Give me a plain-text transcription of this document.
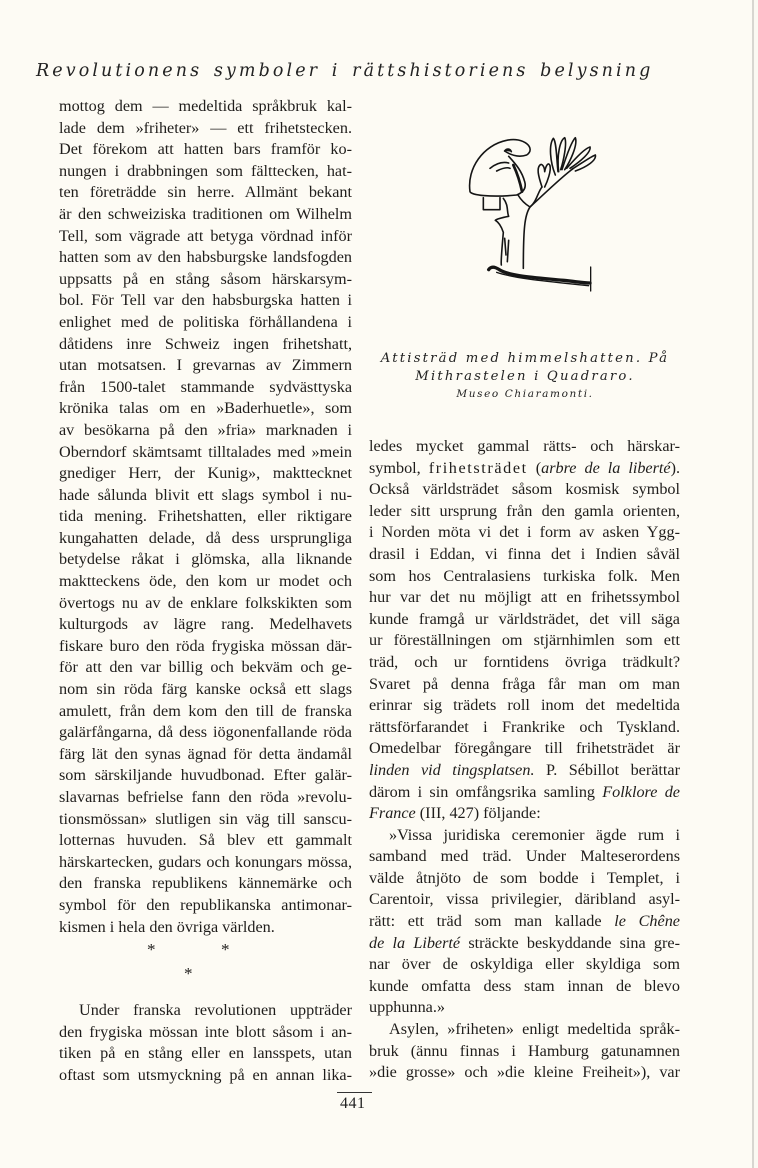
Revolutionens symboler i rättshistoriens belysning
mottog dem — medeltida språkbruk kal-
lade dem »friheter» — ett frihetstecken.
Det förekom att hatten bars framför ko-
nungen i drabbningen som fälttecken, hat-
ten företrädde sin herre. Allmänt bekant
är den schweiziska traditionen om Wilhelm
Tell, som vägrade att betyga vördnad inför
hatten som av den habsburgske landsfogden
uppsatts på en stång såsom härskarsym-
bol. För Tell var den habsburgska hatten i
enlighet med de politiska förhållandena i
dåtidens inre Schweiz ingen frihetshatt,
utan motsatsen. I grevarnas av Zimmern
från 1500-talet stammande sydvästtyska
krönika talas om en »Baderhuetle», som
av besökarna på den »fria» marknaden i
Oberndorf skämtsamt tilltalades med »mein
gnediger Herr, der Kunig», makttecknet
hade sålunda blivit ett slags symbol i nu-
tida mening. Frihetshatten, eller riktigare
kungahatten delade, då dess ursprungliga
betydelse råkat i glömska, alla liknande
maktteckens öde, den kom ur modet och
övertogs nu av de enklare folkskikten som
kulturgods av lägre rang. Medelhavets
fiskare buro den röda frygiska mössan där-
för att den var billig och bekväm och ge-
nom sin röda färg kanske också ett slags
amulett, från dem kom den till de franska
galärfångarna, då dess iögonenfallande röda
färg lät den synas ägnad för detta ändamål
som särskiljande huvudbonad. Efter galär-
slavarnas befrielse fann den röda »revolu-
tionsmössan» slutligen sin väg till sanscu-
lotternas huvuden. Så blev ett gammalt
härskartecken, gudars och konungars mössa,
den franska republikens kännemärke och
symbol för den republikanska antimonar-
kismen i hela den övriga världen.
*	*
*
Under franska revolutionen uppträder
den frygiska mössan inte blott såsom i an-
tiken på en stång eller en lansspets, utan
oftast som utsmyckning på en annan lika-
Attisträd med himmelshatten. På
Mithrastelen i Quadraro.
Museo Chiaramonti.
ledes mycket gammal rätts- och härskar-
symbol, frihetsträdet (arbre de la liberté).
Också världsträdet såsom kosmisk symbol
leder sitt ursprung från den gamla orienten,
i Norden möta vi det i form av asken Ygg-
drasil i Eddan, vi finna det i Indien såväl
som hos Centralasiens turkiska folk. Men
hur var det nu möjligt att en frihetssymbol
kunde framgå ur världsträdet, det vill säga
ur föreställningen om stjärnhimlen som ett
träd, och ur forntidens övriga trädkult?
Svaret på denna fråga får man om man
erinrar sig trädets roll inom det medeltida
rättsförfarandet i Frankrike och Tyskland.
Omedelbar föregångare till frihetsträdet är
linden vid tingsplatsen. P. Sébillot berättar
därom i sin omfångsrika samling Folklore de
France (III, 427) följande:
»Vissa juridiska ceremonier ägde rum i
samband med träd. Under Malteserordens
välde åtnjöto de som bodde i Templet, i
Carentoir, vissa privilegier, däribland asyl-
rätt: ett träd som man kallade le Chêne
de la Liberté sträckte beskyddande sina gre-
nar över de oskyldiga eller skyldiga som
kunde omfatta dess stam innan de blevo
upphunna.»
Asylen, »friheten» enligt medeltida språk-
bruk (ännu finnas i Hamburg gatunamnen
»die grosse» och »die kleine Freiheit»), var
441
